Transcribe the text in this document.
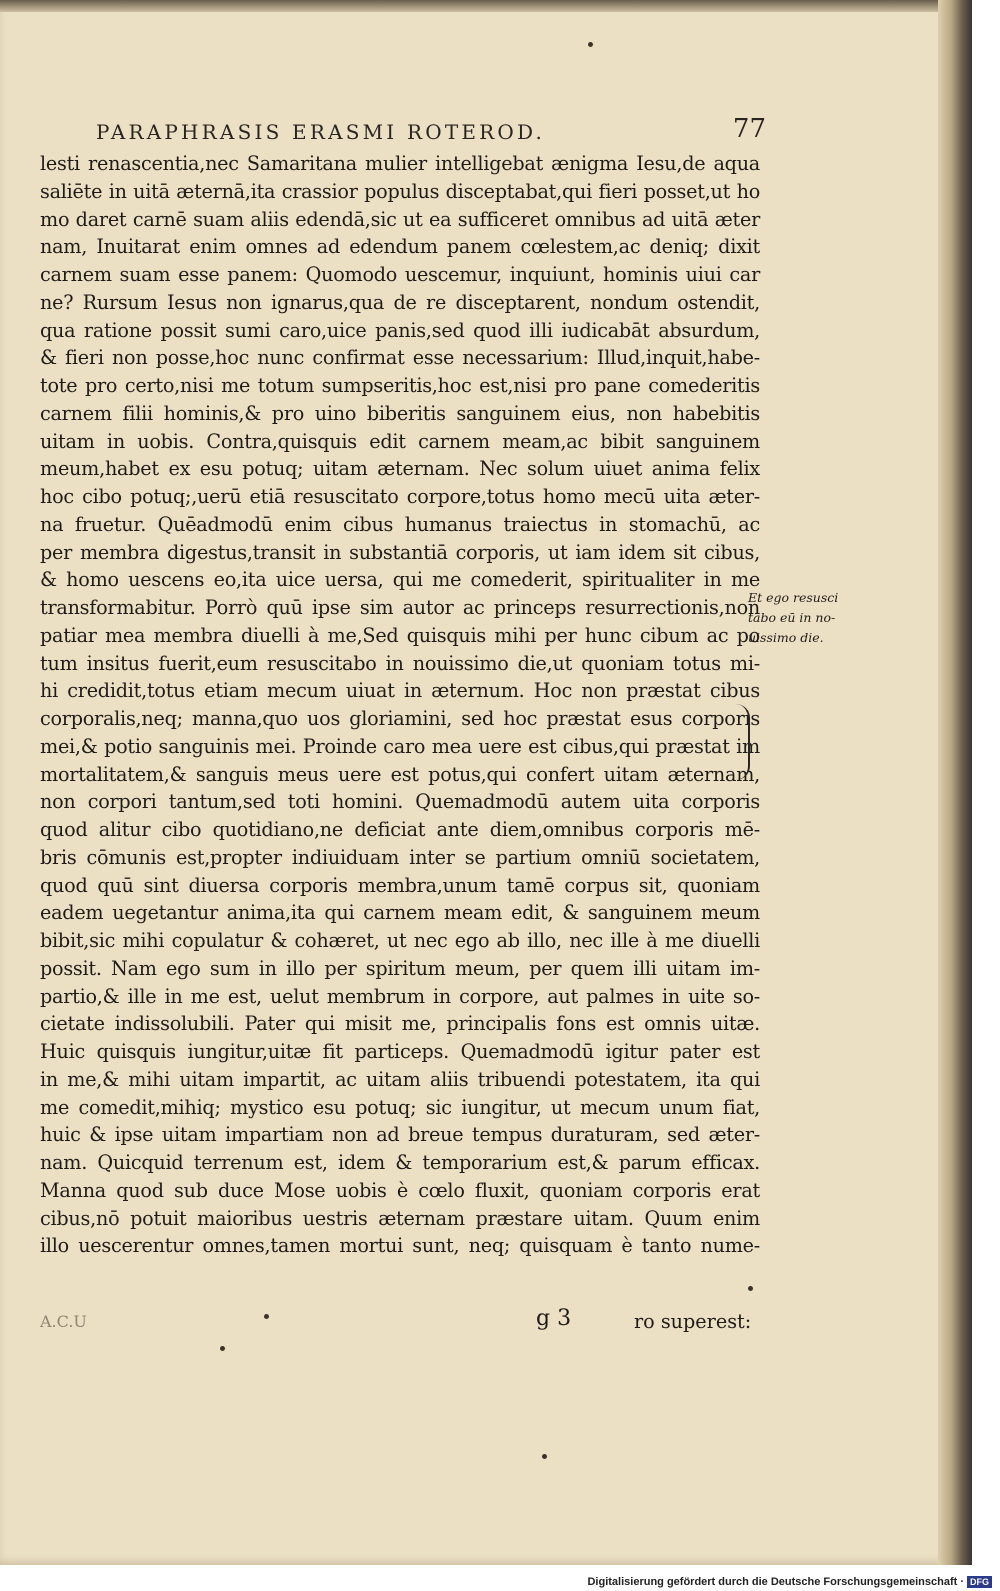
PARAPHRASIS ERASMI ROTEROD.	77
lesti renascentia,nec Samaritana mulier intelligebat ænigma Iesu,de aqua
saliēte in uitā æternā,ita crassior populus disceptabat,qui fieri posset,ut ho
mo daret carnē suam aliis edendā,sic ut ea sufficeret omnibus ad uitā æter
nam, Inuitarat enim omnes ad edendum panem cœlestem,ac deniq; dixit
carnem suam esse panem: Quomodo uescemur, inquiunt, hominis uiui car
ne? Rursum Iesus non ignarus,qua de re disceptarent, nondum ostendit,
qua ratione possit sumi caro,uice panis,sed quod illi iudicabāt absurdum,
& fieri non posse,hoc nunc confirmat esse necessarium: Illud,inquit,habe-
tote pro certo,nisi me totum sumpseritis,hoc est,nisi pro pane comederitis
carnem filii hominis,& pro uino biberitis sanguinem eius, non habebitis
uitam in uobis. Contra,quisquis edit carnem meam,ac bibit sanguinem
meum,habet ex esu potuq; uitam æternam. Nec solum uiuet anima felix
hoc cibo potuq;,uerū etiā resuscitato corpore,totus homo mecū uita æter-
na fruetur. Quēadmodū enim cibus humanus traiectus in stomachū, ac
per membra digestus,transit in substantiā corporis, ut iam idem sit cibus,
& homo uescens eo,ita uice uersa, qui me comederit, spiritualiter in me
transformabitur. Porrò quū ipse sim autor ac princeps resurrectionis,non
patiar mea membra diuelli à me,Sed quisquis mihi per hunc cibum ac po
tum insitus fuerit,eum resuscitabo in nouissimo die,ut quoniam totus mi-
hi credidit,totus etiam mecum uiuat in æternum. Hoc non præstat cibus
corporalis,neq; manna,quo uos gloriamini, sed hoc præstat esus corporis
mei,& potio sanguinis mei. Proinde caro mea uere est cibus,qui præstat im
mortalitatem,& sanguis meus uere est potus,qui confert uitam æternam,
non corpori tantum,sed toti homini. Quemadmodū autem uita corporis
quod alitur cibo quotidiano,ne deficiat ante diem,omnibus corporis mē-
bris cōmunis est,propter indiuiduam inter se partium omniū societatem,
quod quū sint diuersa corporis membra,unum tamē corpus sit, quoniam
eadem uegetantur anima,ita qui carnem meam edit, & sanguinem meum
bibit,sic mihi copulatur & cohæret, ut nec ego ab illo, nec ille à me diuelli
possit. Nam ego sum in illo per spiritum meum, per quem illi uitam im-
partio,& ille in me est, uelut membrum in corpore, aut palmes in uite so-
cietate indissolubili. Pater qui misit me, principalis fons est omnis uitæ.
Huic quisquis iungitur,uitæ fit particeps. Quemadmodū igitur pater est
in me,& mihi uitam impartit, ac uitam aliis tribuendi potestatem, ita qui
me comedit,mihiq; mystico esu potuq; sic iungitur, ut mecum unum fiat,
huic & ipse uitam impartiam non ad breue tempus duraturam, sed æter-
nam. Quicquid terrenum est, idem & temporarium est,& parum efficax.
Manna quod sub duce Mose uobis è cœlo fluxit, quoniam corporis erat
cibus,nō potuit maioribus uestris æternam præstare uitam. Quum enim
illo uescerentur omnes,tamen mortui sunt, neq; quisquam è tanto nume-
Et ego resusci
tabo eū in no-
uissimo die.
A.C.U	g 3	ro superest:
Digitalisierung gefördert durch die Deutsche Forschungsgemeinschaft · DFG
